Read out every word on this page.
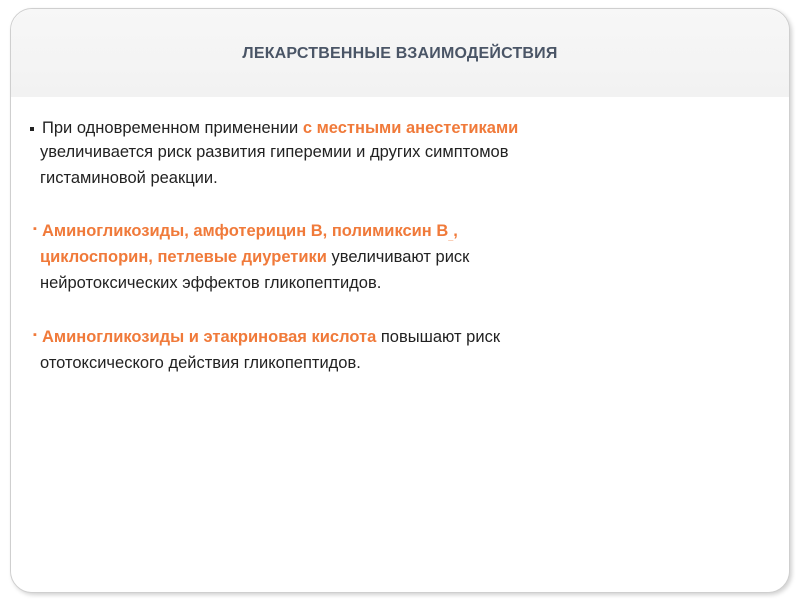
ЛЕКАРСТВЕННЫЕ ВЗАИМОДЕЙСТВИЯ
При одновременном применении с местными анестетиками
увеличивается риск развития гиперемии и других симптомов
гистаминовой реакции.
▪ Аминогликозиды, амфотерицин B, полимиксин $B_{\_}$,
циклоспорин, петлевые диуретики увеличивают риск
нейротоксических эффектов гликопептидов.
▪ Аминогликозиды и этакриновая кислота повышают риск
ототоксического действия гликопептидов.
